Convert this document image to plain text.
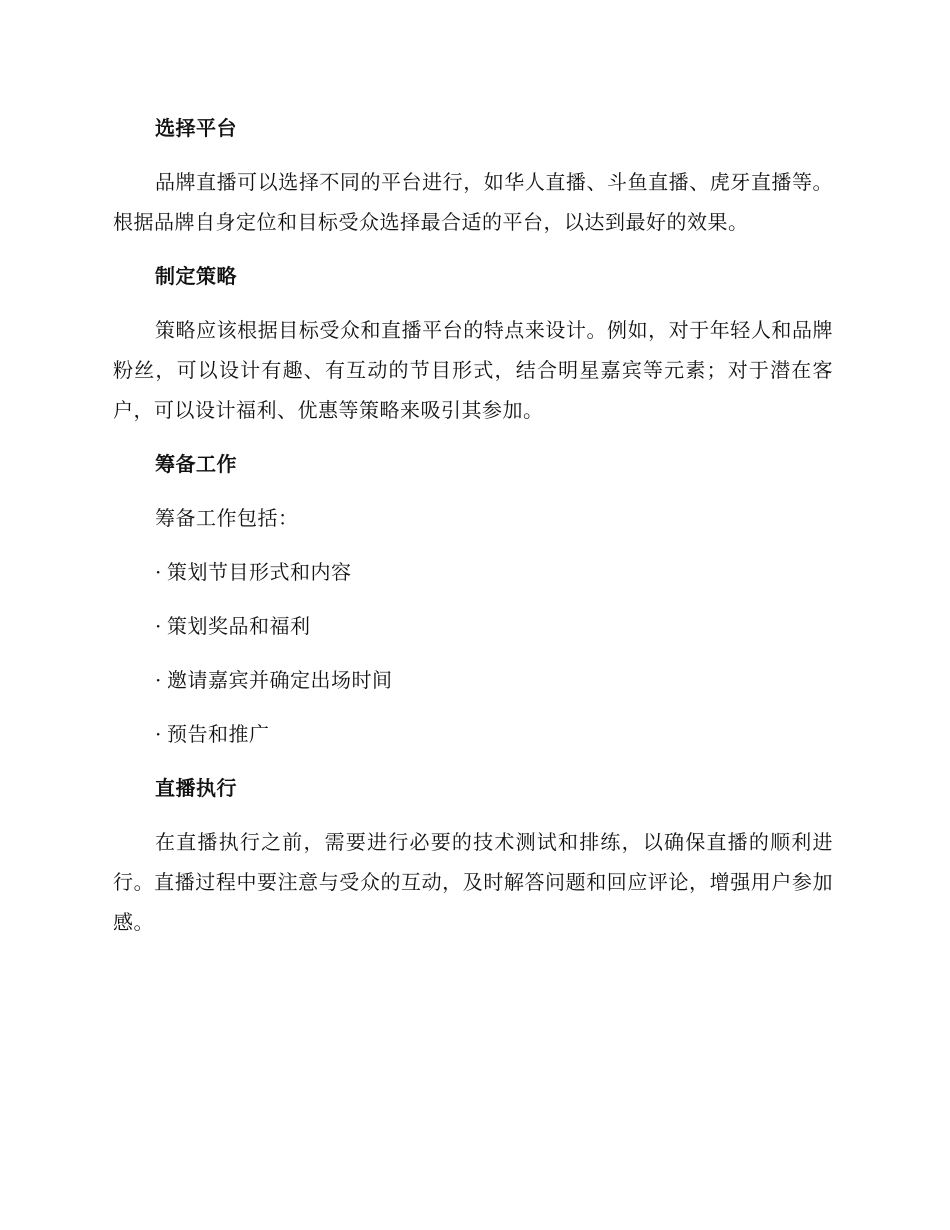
选择平台

品牌直播可以选择不同的平台进行，如华人直播、斗鱼直播、虎牙直播等。根据品牌自身定位和目标受众选择最合适的平台，以达到最好的效果。

制定策略

策略应该根据目标受众和直播平台的特点来设计。例如，对于年轻人和品牌粉丝，可以设计有趣、有互动的节目形式，结合明星嘉宾等元素；对于潜在客户，可以设计福利、优惠等策略来吸引其参加。

筹备工作
筹备工作包括：
· 策划节目形式和内容
· 策划奖品和福利
· 邀请嘉宾并确定出场时间
· 预告和推广
直播执行

在直播执行之前，需要进行必要的技术测试和排练，以确保直播的顺利进行。直播过程中要注意与受众的互动，及时解答问题和回应评论，增强用户参加感。
